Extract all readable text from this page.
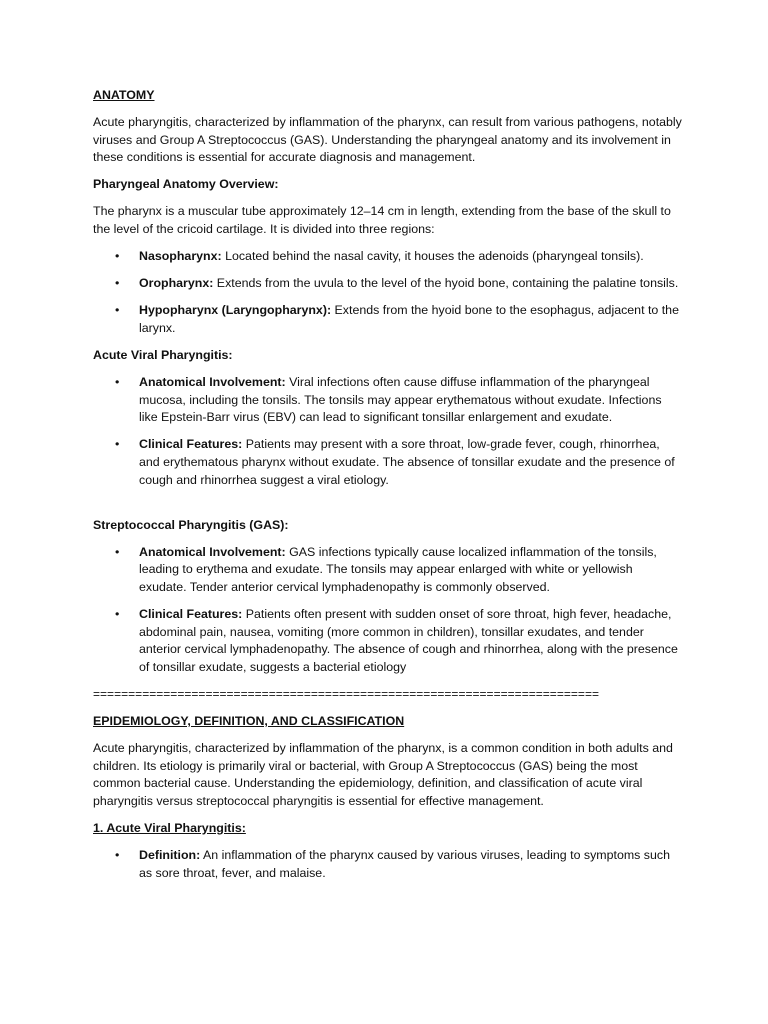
ANATOMY

Acute pharyngitis, characterized by inflammation of the pharynx, can result from various pathogens, notably viruses and Group A Streptococcus (GAS). Understanding the pharyngeal anatomy and its involvement in these conditions is essential for accurate diagnosis and management.

Pharyngeal Anatomy Overview:

The pharynx is a muscular tube approximately 12–14 cm in length, extending from the base of the skull to the level of the cricoid cartilage. It is divided into three regions:

• Nasopharynx: Located behind the nasal cavity, it houses the adenoids (pharyngeal tonsils).
• Oropharynx: Extends from the uvula to the level of the hyoid bone, containing the palatine tonsils.
• Hypopharynx (Laryngopharynx): Extends from the hyoid bone to the esophagus, adjacent to the larynx.
Acute Viral Pharyngitis:
• Anatomical Involvement: Viral infections often cause diffuse inflammation of the pharyngeal mucosa, including the tonsils. The tonsils may appear erythematous without exudate. Infections like Epstein-Barr virus (EBV) can lead to significant tonsillar enlargement and exudate.
• Clinical Features: Patients may present with a sore throat, low-grade fever, cough, rhinorrhea, and erythematous pharynx without exudate. The absence of tonsillar exudate and the presence of cough and rhinorrhea suggest a viral etiology.
Streptococcal Pharyngitis (GAS):
• Anatomical Involvement: GAS infections typically cause localized inflammation of the tonsils, leading to erythema and exudate. The tonsils may appear enlarged with white or yellowish exudate. Tender anterior cervical lymphadenopathy is commonly observed.
• Clinical Features: Patients often present with sudden onset of sore throat, high fever, headache, abdominal pain, nausea, vomiting (more common in children), tonsillar exudates, and tender anterior cervical lymphadenopathy. The absence of cough and rhinorrhea, along with the presence of tonsillar exudate, suggests a bacterial etiology
========================================================================
EPIDEMIOLOGY, DEFINITION, AND CLASSIFICATION

Acute pharyngitis, characterized by inflammation of the pharynx, is a common condition in both adults and children. Its etiology is primarily viral or bacterial, with Group A Streptococcus (GAS) being the most common bacterial cause. Understanding the epidemiology, definition, and classification of acute viral pharyngitis versus streptococcal pharyngitis is essential for effective management.

1. Acute Viral Pharyngitis:
• Definition: An inflammation of the pharynx caused by various viruses, leading to symptoms such as sore throat, fever, and malaise.
